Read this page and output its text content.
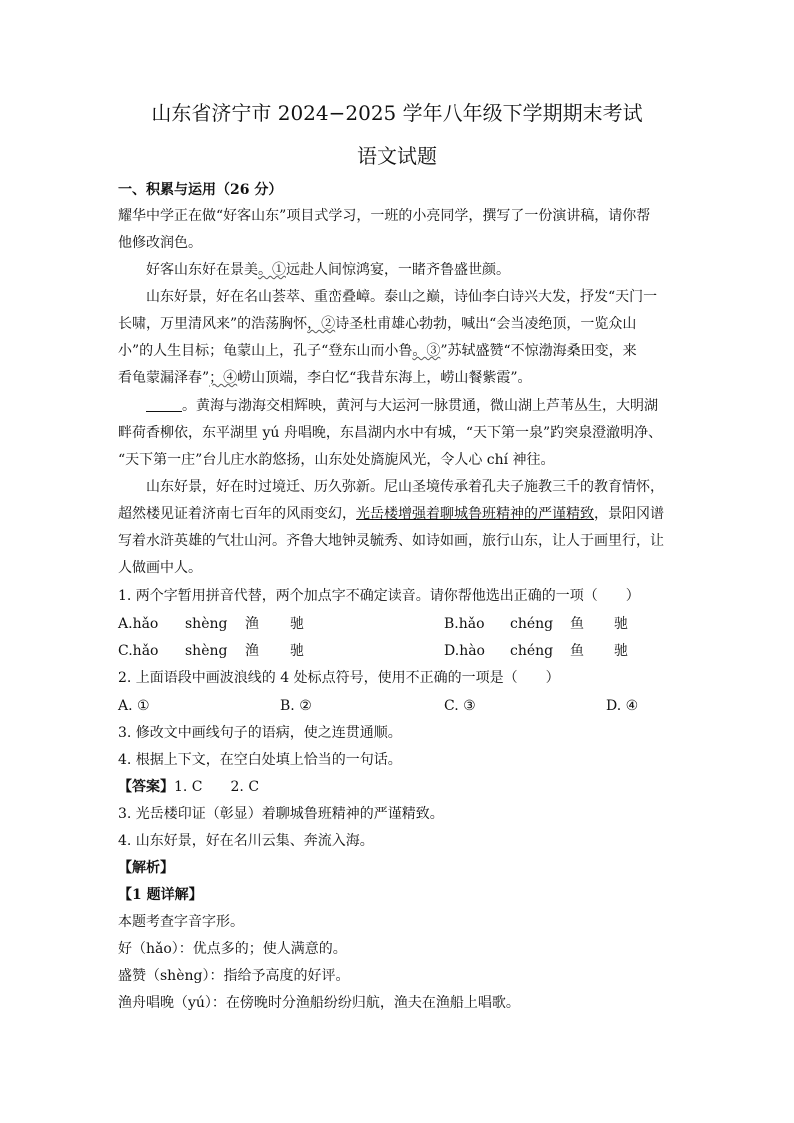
山东省济宁市 2024−2025 学年八年级下学期期末考试
语文试题
一、积累与运用（26 分）
耀华中学正在做“好客山东”项目式学习，一班的小亮同学，撰写了一份演讲稿，请你帮
他修改润色。
好客山东好在景美。①远赴人间惊鸿宴，一睹齐鲁盛世颜。
山东好景，好在名山荟萃、重峦叠嶂。泰山之巅，诗仙李白诗兴大发，抒发“天门一
长啸，万里清风来”的浩荡胸怀，②诗圣杜甫雄心勃勃，喊出“会当凌绝顶，一览众山
小”的人生目标；龟蒙山上，孔子“登东山而小鲁。③”苏轼盛赞“不惊渤海桑田变，来
看龟蒙漏泽春”；④崂山顶端，李白忆“我昔东海上，崂山餐紫霞”。
。黄海与渤海交相辉映，黄河与大运河一脉贯通，微山湖上芦苇丛生，大明湖
畔荷香柳依，东平湖里 yú 舟唱晚，东昌湖内水中有城，“天下第一泉”趵突泉澄澈明净、
“天下第一庄”台儿庄水韵悠扬，山东处处旖旎风光，令人心 chí 神往。
山东好景，好在时过境迁、历久弥新。尼山圣境传承着孔夫子施教三千的教育情怀，
超然楼见证着济南七百年的风雨变幻，光岳楼增强着聊城鲁班精神的严谨精致，景阳冈谱
写着水浒英雄的气壮山河。齐鲁大地钟灵毓秀、如诗如画，旅行山东，让人于画里行，让
人做画中人。
1. 两个字暂用拼音代替，两个加点字不确定读音。请你帮他选出正确的一项（　　）
A.hǎo shèng 渔 驰	B.hǎo chéng 鱼 驰
C.hǎo shèng 渔 驰	D.hào chéng 鱼 驰
2. 上面语段中画波浪线的 4 处标点符号，使用不正确的一项是（　　）
A. ①	B. ②	C. ③	D. ④
3. 修改文中画线句子的语病，使之连贯通顺。
4. 根据上下文，在空白处填上恰当的一句话。
【答案】1. C　　2. C
3. 光岳楼印证（彰显）着聊城鲁班精神的严谨精致。
4. 山东好景，好在名川云集、奔流入海。
【解析】
【1 题详解】
本题考查字音字形。
好（hǎo）：优点多的；使人满意的。
盛赞（shèng）：指给予高度的好评。
渔舟唱晚（yú）：在傍晚时分渔船纷纷归航，渔夫在渔船上唱歌。
